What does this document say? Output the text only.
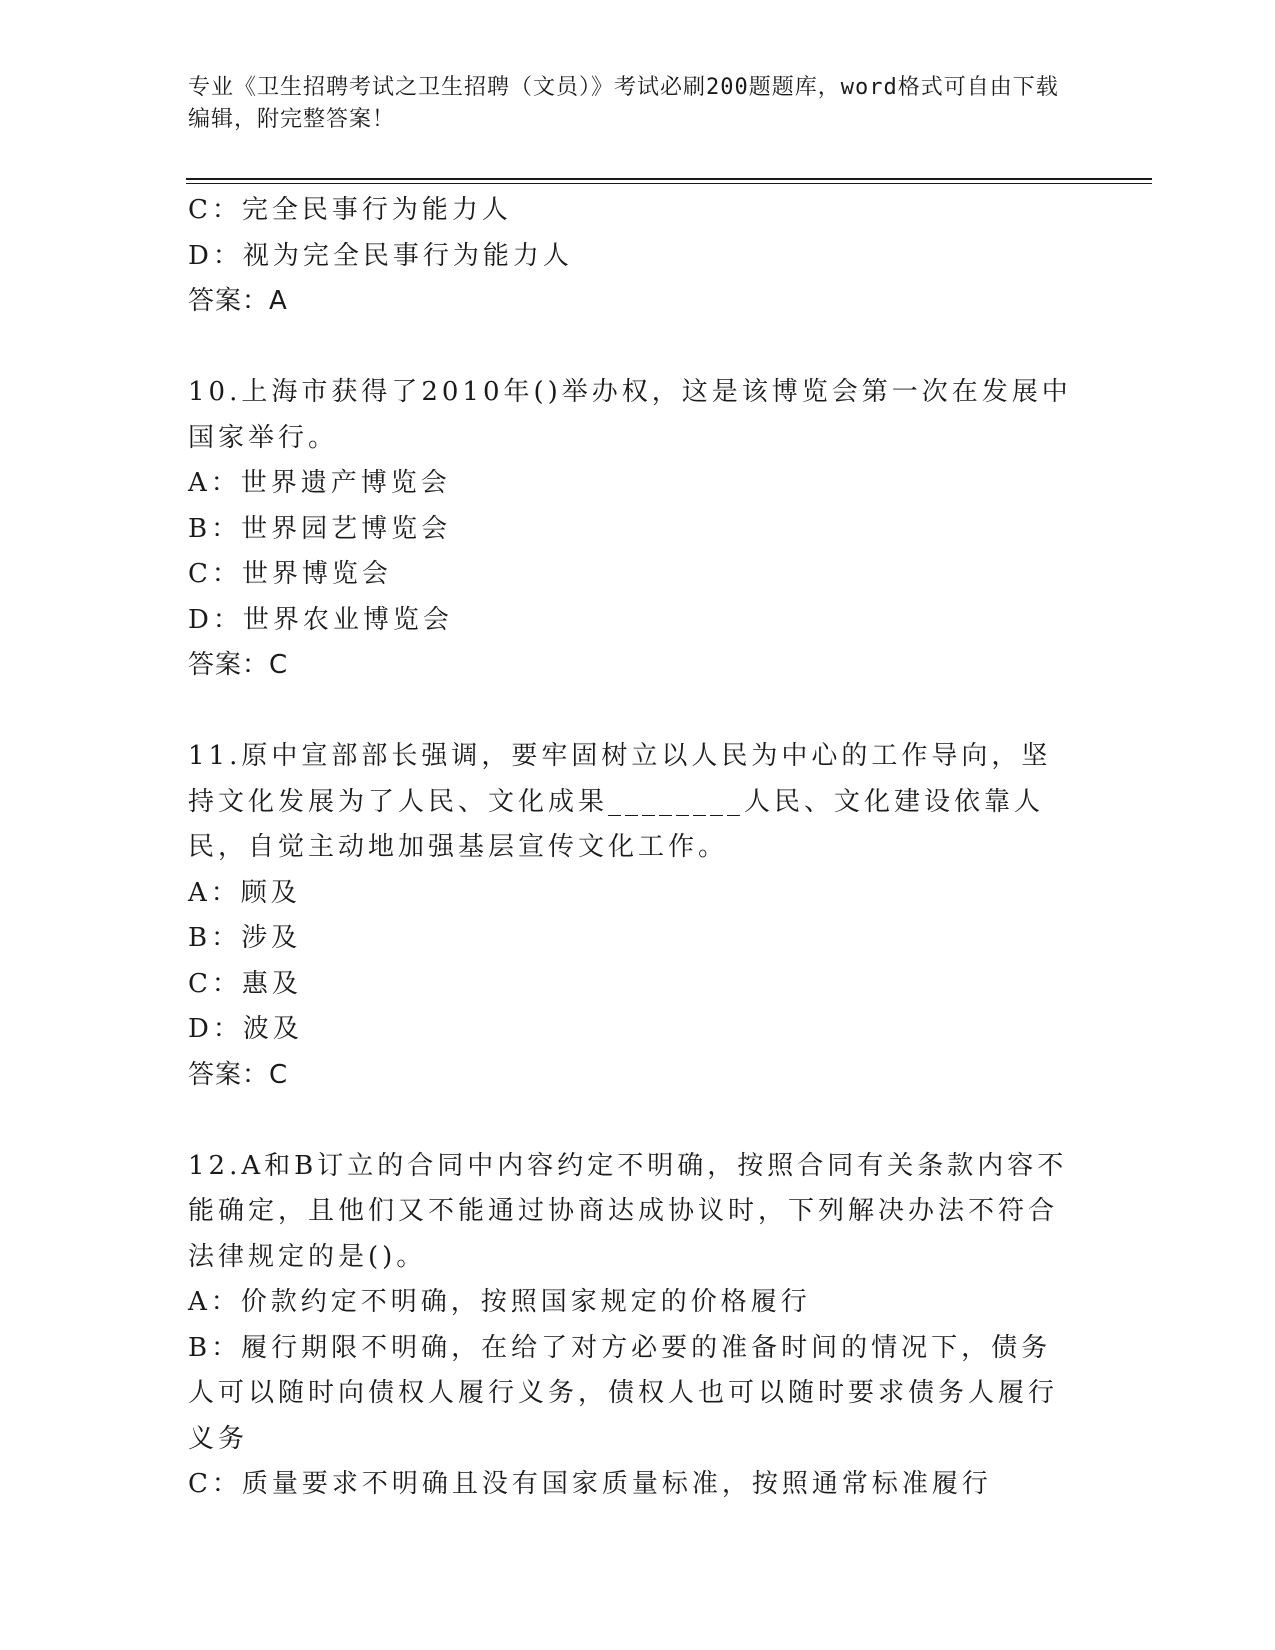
专业《卫生招聘考试之卫生招聘（文员）》考试必刷200题题库，word格式可自由下载编辑，附完整答案！
C：完全民事行为能力人
D：视为完全民事行为能力人
答案：A
10.上海市获得了2010年()举办权，这是该博览会第一次在发展中国家举行。
A：世界遗产博览会
B：世界园艺博览会
C：世界博览会
D：世界农业博览会
答案：C
11.原中宣部部长强调，要牢固树立以人民为中心的工作导向，坚持文化发展为了人民、文化成果________人民、文化建设依靠人民，自觉主动地加强基层宣传文化工作。
A：顾及
B：涉及
C：惠及
D：波及
答案：C
12.A和B订立的合同中内容约定不明确，按照合同有关条款内容不能确定，且他们又不能通过协商达成协议时，下列解决办法不符合法律规定的是()。
A：价款约定不明确，按照国家规定的价格履行
B：履行期限不明确，在给了对方必要的准备时间的情况下，债务人可以随时向债权人履行义务，债权人也可以随时要求债务人履行义务
C：质量要求不明确且没有国家质量标准，按照通常标准履行
